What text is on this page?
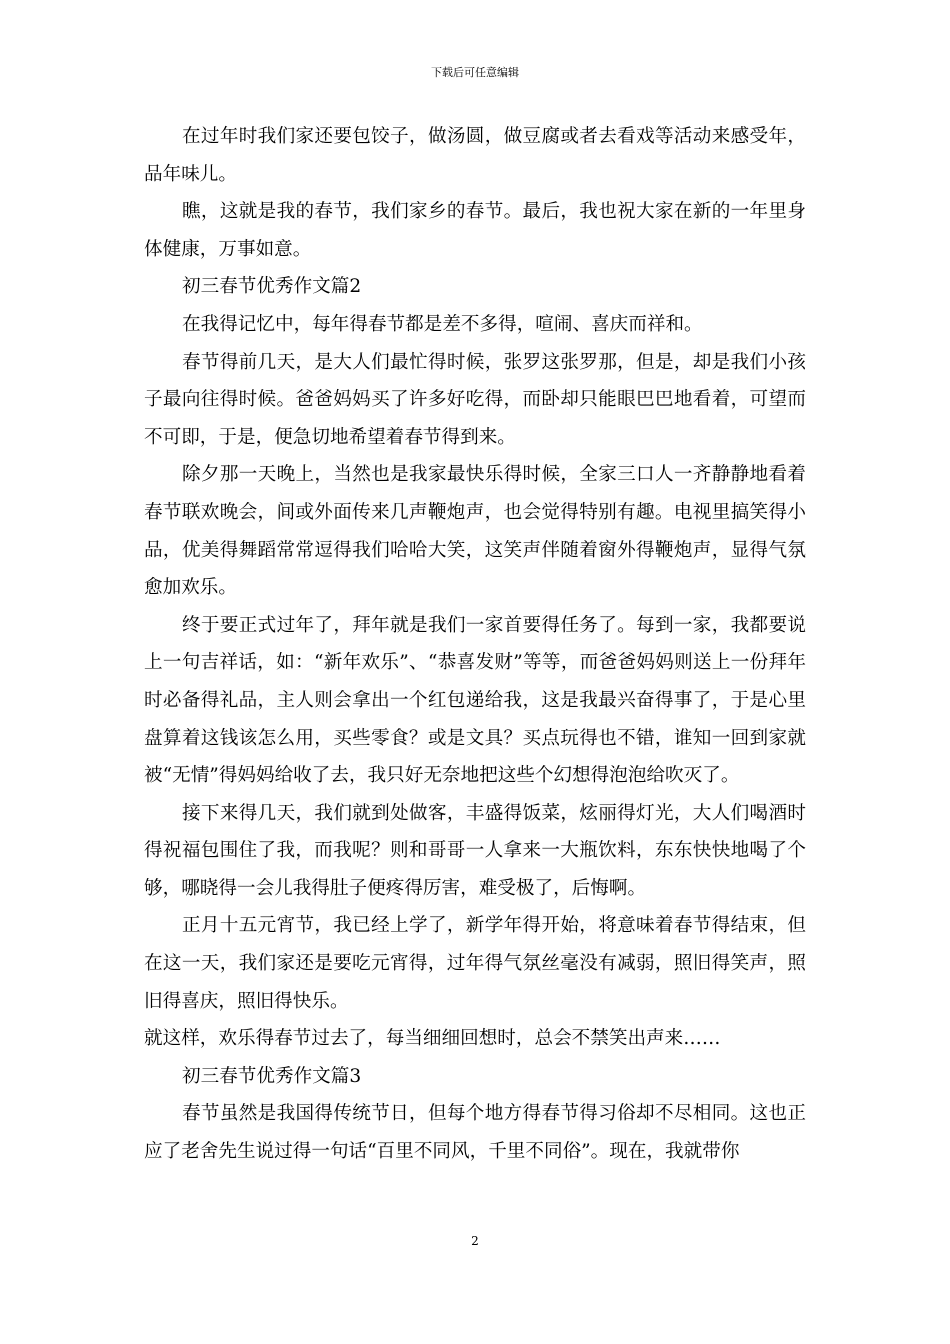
下载后可任意编辑

在过年时我们家还要包饺子，做汤圆，做豆腐或者去看戏等活动来感受年，品年味儿。

瞧，这就是我的春节，我们家乡的春节。最后，我也祝大家在新的一年里身体健康，万事如意。

初三春节优秀作文篇2

在我得记忆中，每年得春节都是差不多得，喧闹、喜庆而祥和。

春节得前几天，是大人们最忙得时候，张罗这张罗那，但是，却是我们小孩子最向往得时候。爸爸妈妈买了许多好吃得，而卧却只能眼巴巴地看着，可望而不可即，于是，便急切地希望着春节得到来。

除夕那一天晚上，当然也是我家最快乐得时候，全家三口人一齐静静地看着春节联欢晚会，间或外面传来几声鞭炮声，也会觉得特别有趣。电视里搞笑得小品，优美得舞蹈常常逗得我们哈哈大笑，这笑声伴随着窗外得鞭炮声，显得气氛愈加欢乐。

终于要正式过年了，拜年就是我们一家首要得任务了。每到一家，我都要说上一句吉祥话，如：“新年欢乐”、“恭喜发财”等等，而爸爸妈妈则送上一份拜年时必备得礼品，主人则会拿出一个红包递给我，这是我最兴奋得事了，于是心里盘算着这钱该怎么用，买些零食？或是文具？买点玩得也不错，谁知一回到家就被“无情”得妈妈给收了去，我只好无奈地把这些个幻想得泡泡给吹灭了。

接下来得几天，我们就到处做客，丰盛得饭菜，炫丽得灯光，大人们喝酒时得祝福包围住了我，而我呢？则和哥哥一人拿来一大瓶饮料，东东快快地喝了个够，哪晓得一会儿我得肚子便疼得厉害，难受极了，后悔啊。

正月十五元宵节，我已经上学了，新学年得开始，将意味着春节得结束，但在这一天，我们家还是要吃元宵得，过年得气氛丝毫没有减弱，照旧得笑声，照旧得喜庆，照旧得快乐。

就这样，欢乐得春节过去了，每当细细回想时，总会不禁笑出声来……

初三春节优秀作文篇3

春节虽然是我国得传统节日，但每个地方得春节得习俗却不尽相同。这也正应了老舍先生说过得一句话“百里不同风，千里不同俗”。现在，我就带你

2
